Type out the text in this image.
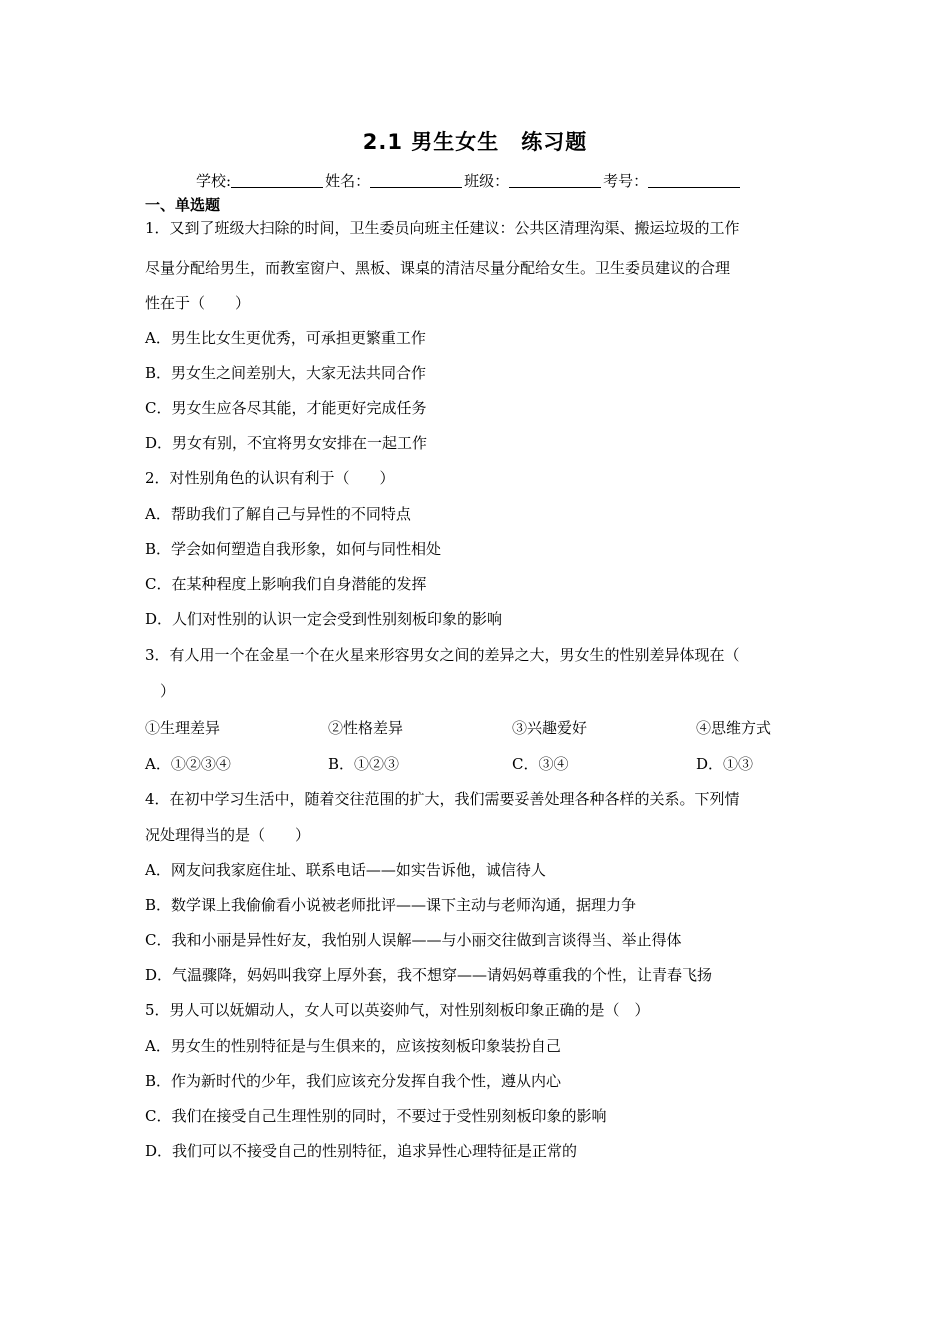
2.1 男生女生　练习题
学校:	姓名：	班级：	考号：
一、单选题
1．又到了班级大扫除的时间，卫生委员向班主任建议：公共区清理沟渠、搬运垃圾的工作
尽量分配给男生，而教室窗户、黑板、课桌的清洁尽量分配给女生。卫生委员建议的合理
性在于（　　）
A．男生比女生更优秀，可承担更繁重工作
B．男女生之间差别大，大家无法共同合作
C．男女生应各尽其能，才能更好完成任务
D．男女有别，不宜将男女安排在一起工作
2．对性别角色的认识有利于（　　）
A．帮助我们了解自己与异性的不同特点
B．学会如何塑造自我形象，如何与同性相处
C．在某种程度上影响我们自身潜能的发挥
D．人们对性别的认识一定会受到性别刻板印象的影响
3．有人用一个在金星一个在火星来形容男女之间的差异之大，男女生的性别差异体现在（
　）
①生理差异	②性格差异	③兴趣爱好	④思维方式
A．①②③④	B．①②③	C．③④	D．①③
4．在初中学习生活中，随着交往范围的扩大，我们需要妥善处理各种各样的关系。下列情
况处理得当的是（　　）
A．网友问我家庭住址、联系电话——如实告诉他，诚信待人
B．数学课上我偷偷看小说被老师批评——课下主动与老师沟通，据理力争
C．我和小丽是异性好友，我怕别人误解——与小丽交往做到言谈得当、举止得体
D．气温骤降，妈妈叫我穿上厚外套，我不想穿——请妈妈尊重我的个性，让青春飞扬
5．男人可以妩媚动人，女人可以英姿帅气，对性别刻板印象正确的是（　）
A．男女生的性别特征是与生俱来的，应该按刻板印象装扮自己
B．作为新时代的少年，我们应该充分发挥自我个性，遵从内心
C．我们在接受自己生理性别的同时，不要过于受性别刻板印象的影响
D．我们可以不接受自己的性别特征，追求异性心理特征是正常的
